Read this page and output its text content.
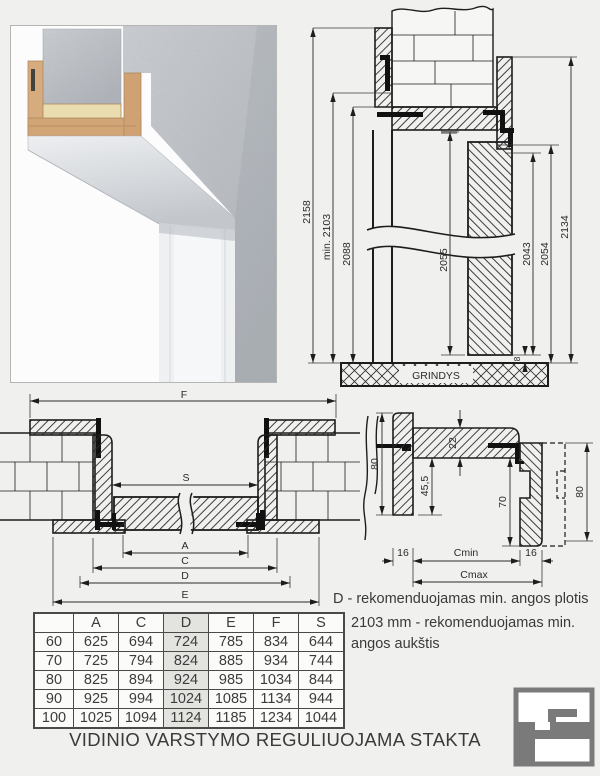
GRINDYS
2158
min. 2103 2088	2055	2043 2054
2134
8
F
S
A
C
D
E
80
22
45,5
70
80
16	Cmin	16
Cmax
D - rekomenduojamas min. angos plotis
2103 mm - rekomenduojamas min.
angos aukštis
	A	C	D	E	F	S
60	625	694	724	785	834	644
70	725	794	824	885	934	744
80	825	894	924	985	1034	844
90	925	994	1024	1085	1134	944
100	1025	1094	1124	1185	1234	1044
VIDINIO VARSTYMO REGULIUOJAMA STAKTA
